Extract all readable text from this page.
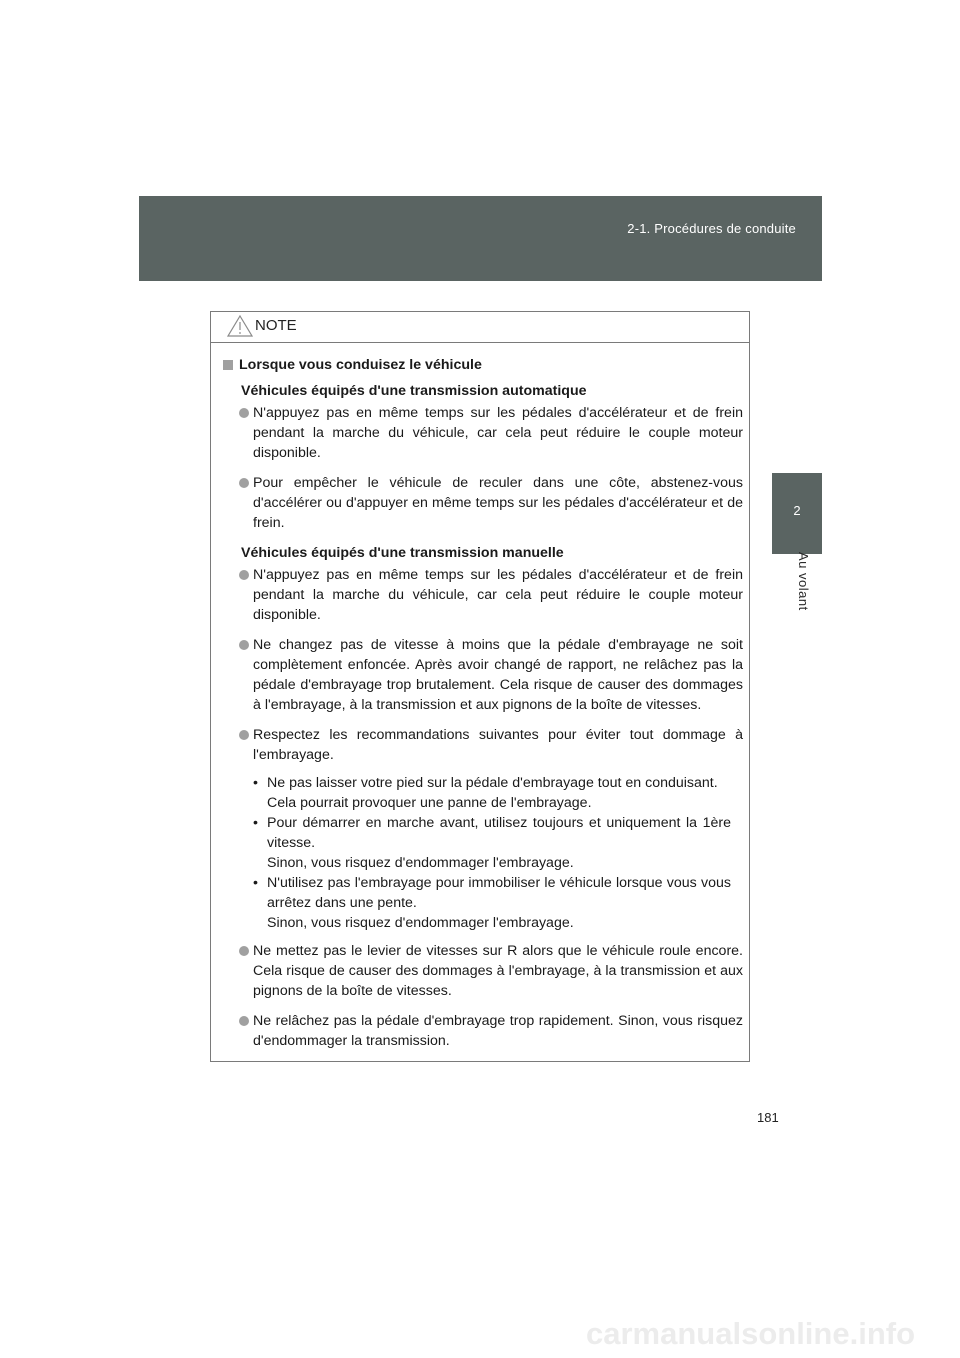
2-1. Procédures de conduite
2
Au volant
NOTE
Lorsque vous conduisez le véhicule
Véhicules équipés d'une transmission automatique
N'appuyez pas en même temps sur les pédales d'accélérateur et de frein pendant la marche du véhicule, car cela peut réduire le couple moteur disponible.
Pour empêcher le véhicule de reculer dans une côte, abstenez-vous d'accélérer ou d'appuyer en même temps sur les pédales d'accélérateur et de frein.
Véhicules équipés d'une transmission manuelle
N'appuyez pas en même temps sur les pédales d'accélérateur et de frein pendant la marche du véhicule, car cela peut réduire le couple moteur disponible.
Ne changez pas de vitesse à moins que la pédale d'embrayage ne soit complètement enfoncée. Après avoir changé de rapport, ne relâchez pas la pédale d'embrayage trop brutalement. Cela risque de causer des dommages à l'embrayage, à la transmission et aux pignons de la boîte de vitesses.
Respectez les recommandations suivantes pour éviter tout dommage à l'embrayage.
• Ne pas laisser votre pied sur la pédale d'embrayage tout en conduisant.
Cela pourrait provoquer une panne de l'embrayage.
• Pour démarrer en marche avant, utilisez toujours et uniquement la 1ère vitesse.
Sinon, vous risquez d'endommager l'embrayage.
• N'utilisez pas l'embrayage pour immobiliser le véhicule lorsque vous vous arrêtez dans une pente.
Sinon, vous risquez d'endommager l'embrayage.
Ne mettez pas le levier de vitesses sur R alors que le véhicule roule encore. Cela risque de causer des dommages à l'embrayage, à la transmission et aux pignons de la boîte de vitesses.
Ne relâchez pas la pédale d'embrayage trop rapidement. Sinon, vous risquez d'endommager la transmission.
181
carmanualsonline.info
